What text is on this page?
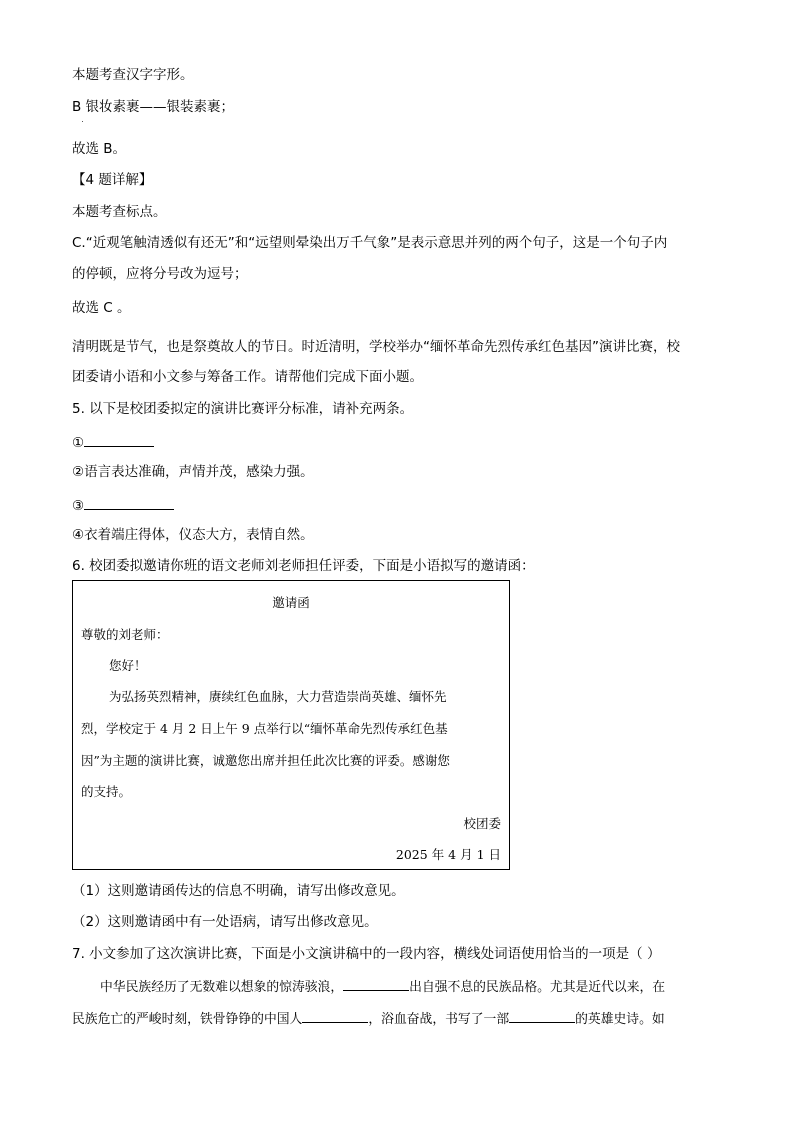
本题考查汉字字形。
B 银妆素裹——银装素裹；
故选 B。
【4 题详解】
本题考查标点。
C.“近观笔触清透似有还无”和“远望则晕染出万千气象”是表示意思并列的两个句子，这是一个句子内
的停顿，应将分号改为逗号；
故选 C 。
清明既是节气，也是祭奠故人的节日。时近清明，学校举办“缅怀革命先烈传承红色基因”演讲比赛，校
团委请小语和小文参与筹备工作。请帮他们完成下面小题。
5. 以下是校团委拟定的演讲比赛评分标准，请补充两条。
①
②语言表达准确，声情并茂，感染力强。
③
④衣着端庄得体，仪态大方，表情自然。
6. 校团委拟邀请你班的语文老师刘老师担任评委，下面是小语拟写的邀请函：
邀请函
尊敬的刘老师：
您好！
为弘扬英烈精神，赓续红色血脉，大力营造崇尚英雄、缅怀先
烈，学校定于 4 月 2 日上午 9 点举行以“缅怀革命先烈传承红色基
因”为主题的演讲比赛，诚邀您出席并担任此次比赛的评委。感谢您
的支持。
校团委
2025 年 4 月 1 日
（1）这则邀请函传达的信息不明确，请写出修改意见。
（2）这则邀请函中有一处语病，请写出修改意见。
7. 小文参加了这次演讲比赛，下面是小文演讲稿中的一段内容，横线处词语使用恰当的一项是（ ）
中华民族经历了无数难以想象的惊涛骇浪，	出自强不息的民族品格。尤其是近代以来，在
民族危亡的严峻时刻，铁骨铮铮的中国人	，浴血奋战，书写了一部	的英雄史诗。如
